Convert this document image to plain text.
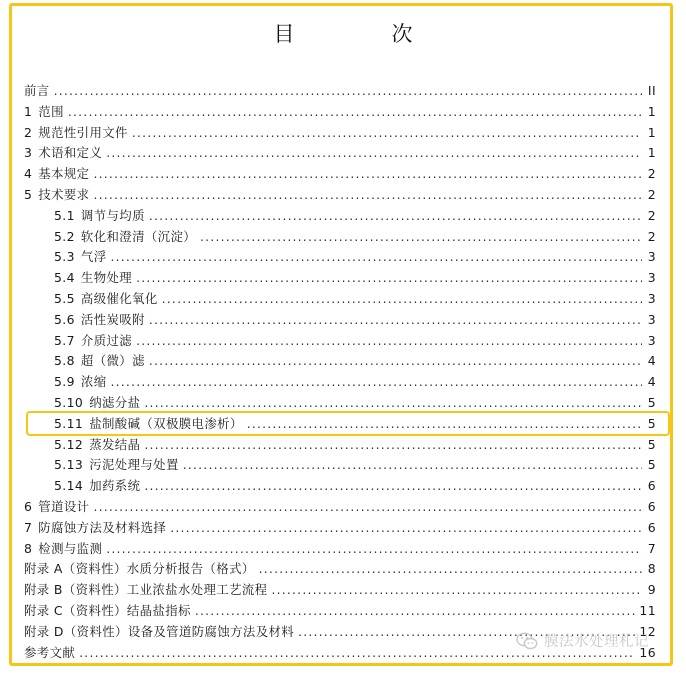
目　次
前言 .....	II
1 范围 .....	1
2 规范性引用文件 .....	1
3 术语和定义 .....	1
4 基本规定 .....	2
5 技术要求 .....	2
5.1 调节与均质 .....	2
5.2 软化和澄清（沉淀） .....	2
5.3 气浮 .....	3
5.4 生物处理 .....	3
5.5 高级催化氧化 .....	3
5.6 活性炭吸附 .....	3
5.7 介质过滤 .....	3
5.8 超（微）滤 .....	4
5.9 浓缩 .....	4
5.10 纳滤分盐 .....	5
5.11 盐制酸碱（双极膜电渗析） .....	5
5.12 蒸发结晶 .....	5
5.13 污泥处理与处置 .....	5
5.14 加药系统 .....	6
6 管道设计 .....	6
7 防腐蚀方法及材料选择 .....	6
8 检测与监测 .....	7
附录 A（资料性）水质分析报告（格式） .....	8
附录 B（资料性）工业浓盐水处理工艺流程 .....	9
附录 C（资料性）结晶盐指标 .....	11
附录 D（资料性）设备及管道防腐蚀方法及材料 .....	12
参考文献 .....	16
膜法水处理札记
